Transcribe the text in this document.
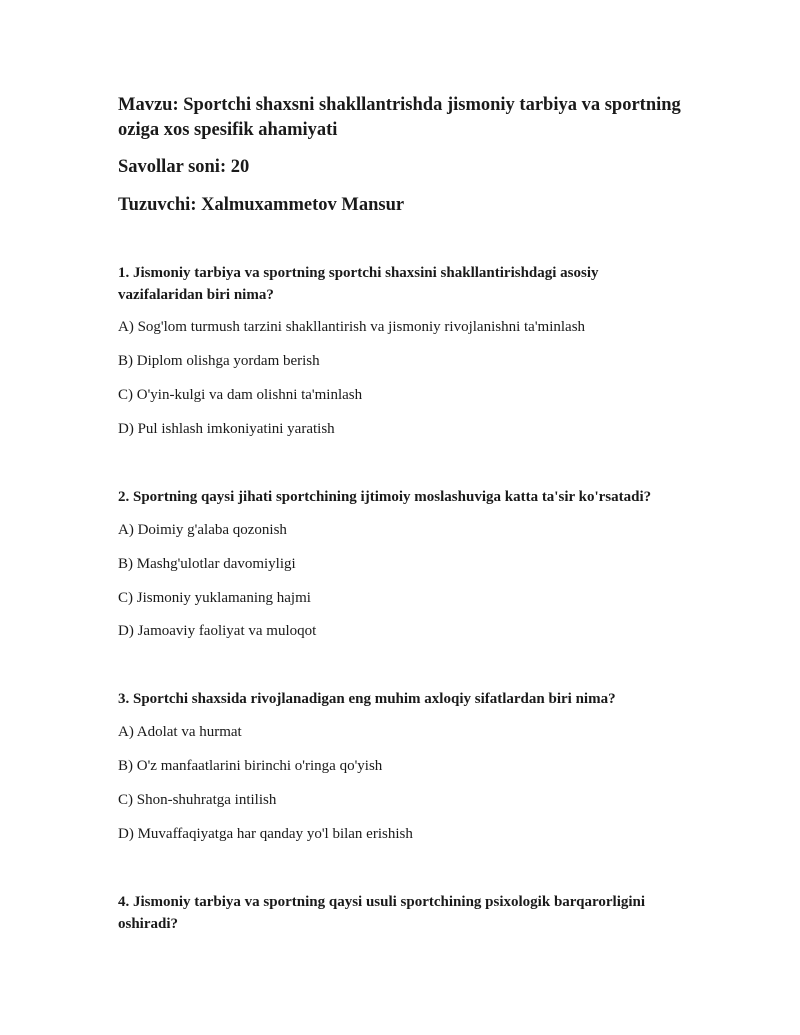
Mavzu: Sportchi shaxsni shakllantrishda jismoniy tarbiya va sportning oziga xos spesifik ahamiyati

Savollar soni: 20

Tuzuvchi: Xalmuxammetov Mansur

1. Jismoniy tarbiya va sportning sportchi shaxsini shakllantirishdagi asosiy vazifalaridan biri nima?

A) Sog'lom turmush tarzini shakllantirish va jismoniy rivojlanishni ta'minlash

B) Diplom olishga yordam berish

C) O'yin-kulgi va dam olishni ta'minlash

D) Pul ishlash imkoniyatini yaratish

2. Sportning qaysi jihati sportchining ijtimoiy moslashuviga katta ta'sir ko'rsatadi?

A) Doimiy g'alaba qozonish

B) Mashg'ulotlar davomiyligi

C) Jismoniy yuklamaning hajmi

D) Jamoaviy faoliyat va muloqot

3. Sportchi shaxsida rivojlanadigan eng muhim axloqiy sifatlardan biri nima?

A) Adolat va hurmat

B) O'z manfaatlarini birinchi o'ringa qo'yish

C) Shon-shuhratga intilish

D) Muvaffaqiyatga har qanday yo'l bilan erishish

4. Jismoniy tarbiya va sportning qaysi usuli sportchining psixologik barqarorligini oshiradi?
